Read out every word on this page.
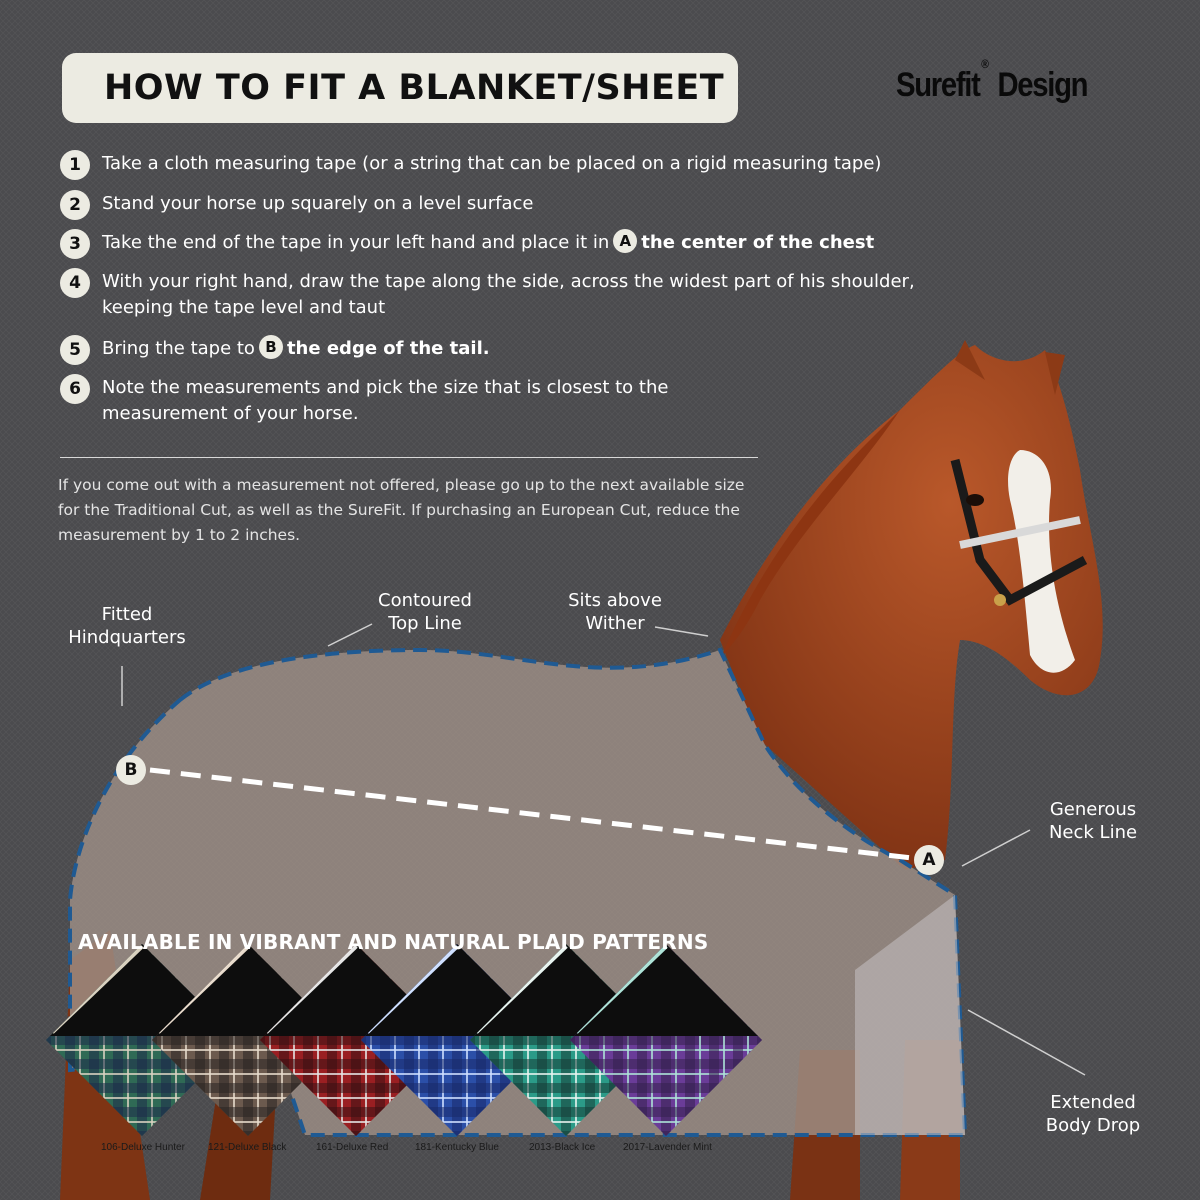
HOW TO FIT A BLANKET/SHEET	Surefit® Design
1	Take a cloth measuring tape (or a string that can be placed on a rigid measuring tape)
2	Stand your horse up squarely on a level surface
3	Take the end of the tape in your left hand and place it in A the center of the chest
4	With your right hand, draw the tape along the side, across the widest part of his shoulder,
keeping the tape level and taut
5	Bring the tape to B the edge of the tail.
6	Note the measurements and pick the size that is closest to the
measurement of your horse.
If you come out with a measurement not offered, please go up to the next available size for the Traditional Cut, as well as the SureFit. If purchasing an European Cut, reduce the measurement by 1 to 2 inches.
Fitted
Hindquarters
Contoured
Top Line
Sits above
Wither
Generous
Neck Line
Extended
Body Drop
B
A
AVAILABLE IN VIBRANT AND NATURAL PLAID PATTERNS
106-Deluxe Hunter 121-Deluxe Black	161-Deluxe Red	181-Kentucky Blue	2013-Black Ice	2017-Lavender Mint
